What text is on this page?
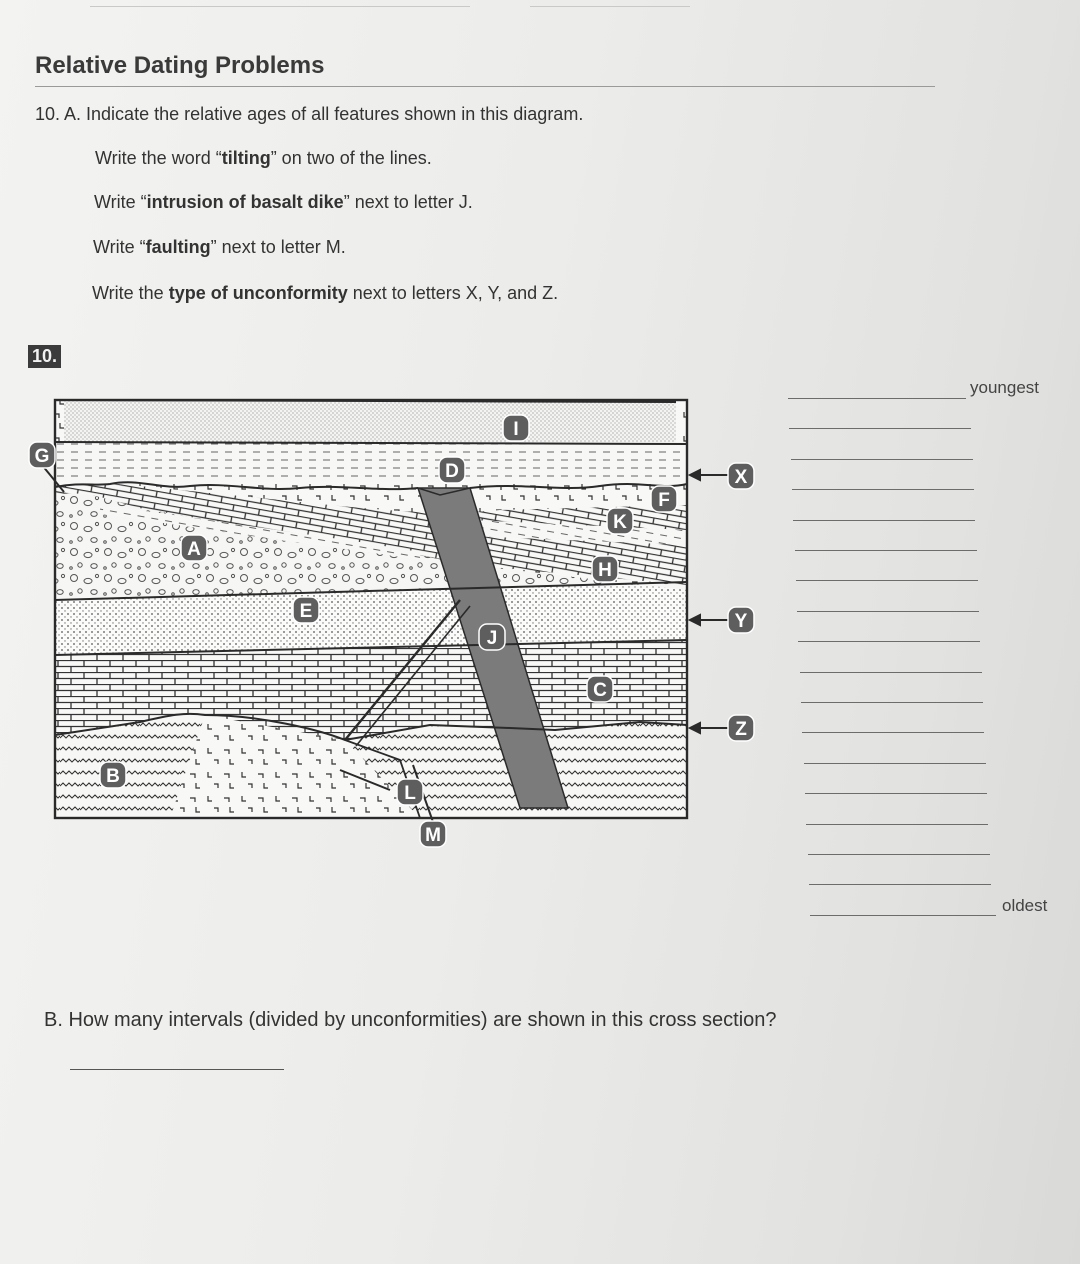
Relative Dating Problems
10. A. Indicate the relative ages of all features shown in this diagram.
Write the word “tilting” on two of the lines.
Write “intrusion of basalt dike” next to letter J.
Write “faulting” next to letter M.
Write the type of unconformity next to letters X, Y, and Z.
10.
G
I
D	X
F
K
A
H
E	Y
J
C
Z
B
L
M
youngest
oldest
B. How many intervals (divided by unconformities) are shown in this cross section?
